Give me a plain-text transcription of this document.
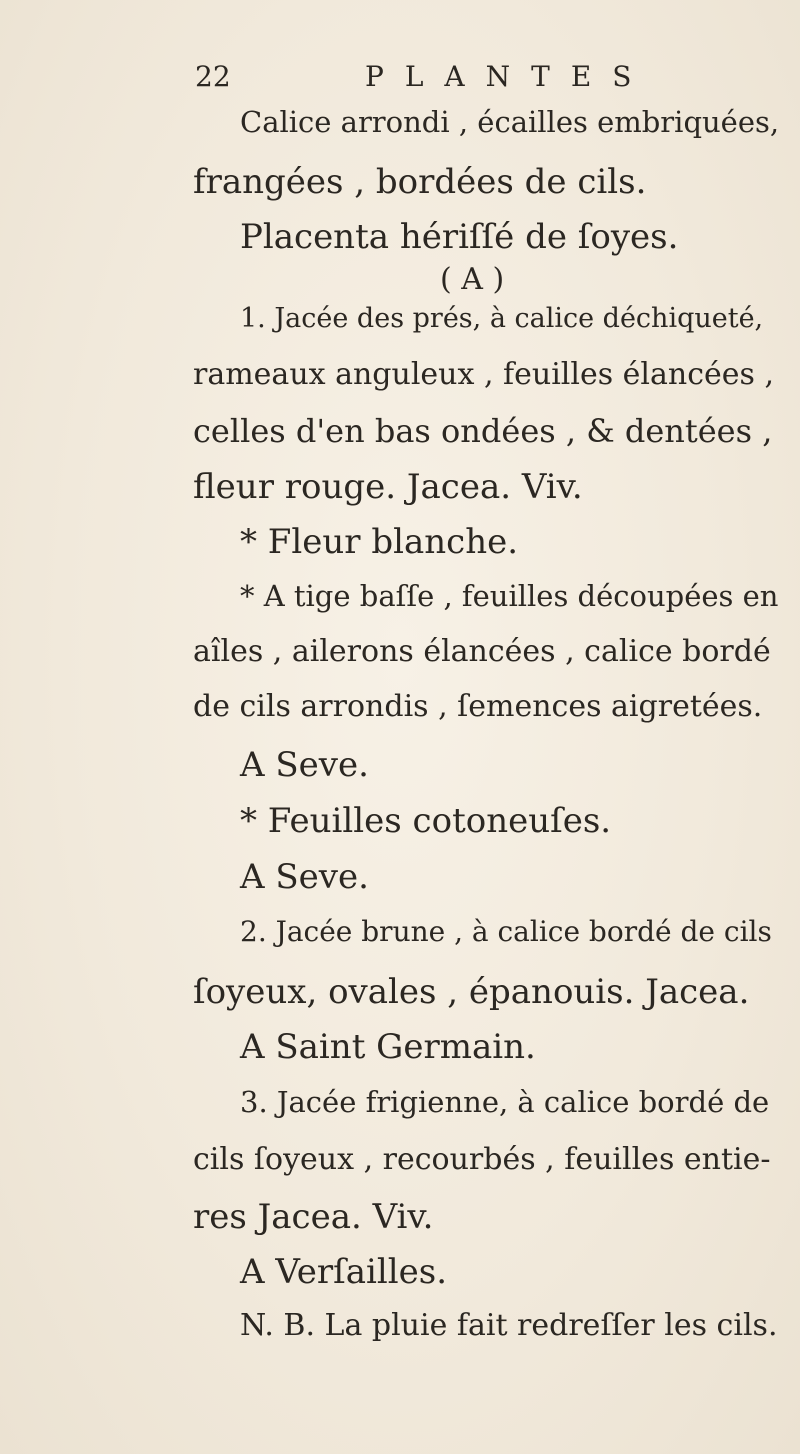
22	PLANTES
Calice arrondi , écailles embriquées,
frangées , bordées de cils.
Placenta hériſſé de ſoyes.
( A )
1. Jacée des prés, à calice déchiqueté,
rameaux anguleux , feuilles élancées ,
celles d'en bas ondées , & dentées ,
fleur rouge. Jacea. Viv.
* Fleur blanche.
* A tige baſſe , feuilles découpées en
aîles , ailerons élancées , calice bordé
de cils arrondis , ſemences aigretées.
A Seve.
* Feuilles cotoneuſes.
A Seve.
2. Jacée brune , à calice bordé de cils
ſoyeux, ovales , épanouis. Jacea.
A Saint Germain.
3. Jacée frigienne, à calice bordé de
cils ſoyeux , recourbés , feuilles entie-
res Jacea. Viv.
A Verſailles.
N. B. La pluie fait redreſſer les cils.
